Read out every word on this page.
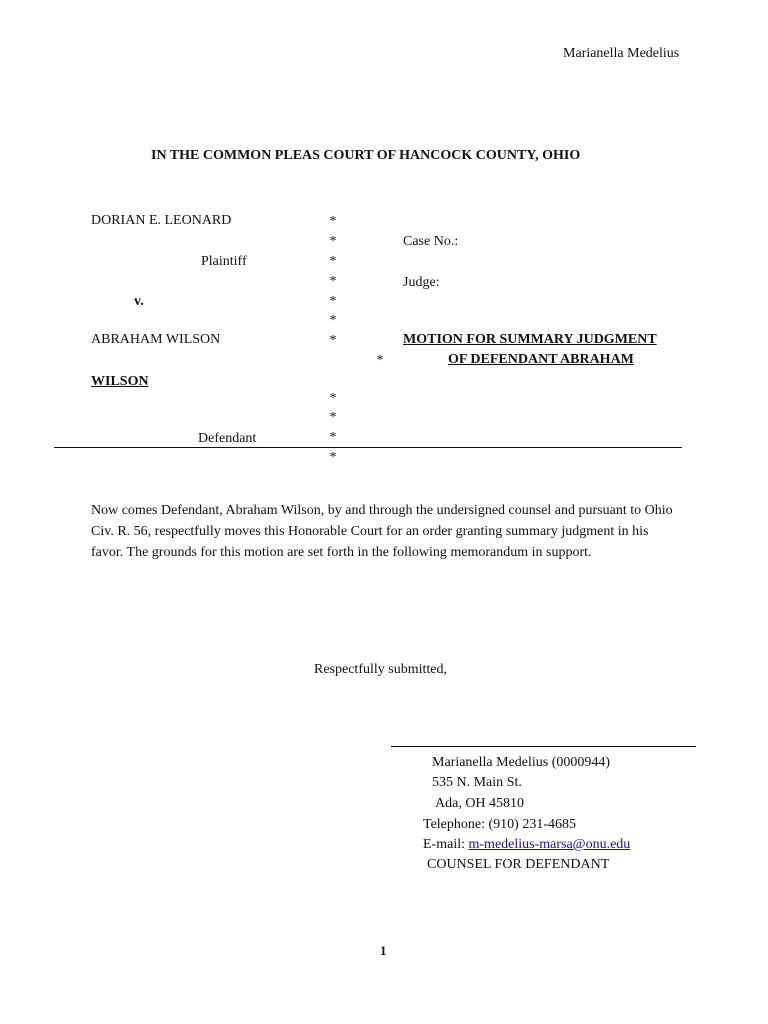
Marianella Medelius
IN THE COMMON PLEAS COURT OF HANCOCK COUNTY, OHIO
DORIAN E. LEONARD
Plaintiff
v.
ABRAHAM WILSON
WILSON
Defendant
*
*
*
*
*
*
*
*
*
*
*
*
Case No.:
Judge:
MOTION FOR SUMMARY JUDGMENT
OF DEFENDANT ABRAHAM
Now comes Defendant, Abraham Wilson, by and through the undersigned counsel and pursuant to Ohio Civ. R. 56, respectfully moves this Honorable Court for an order granting summary judgment in his favor. The grounds for this motion are set forth in the following memorandum in support.
Respectfully submitted,
Marianella Medelius (0000944)
535 N. Main St.
Ada, OH 45810
Telephone: (910) 231-4685
E-mail: m-medelius-marsa@onu.edu
COUNSEL FOR DEFENDANT
1
